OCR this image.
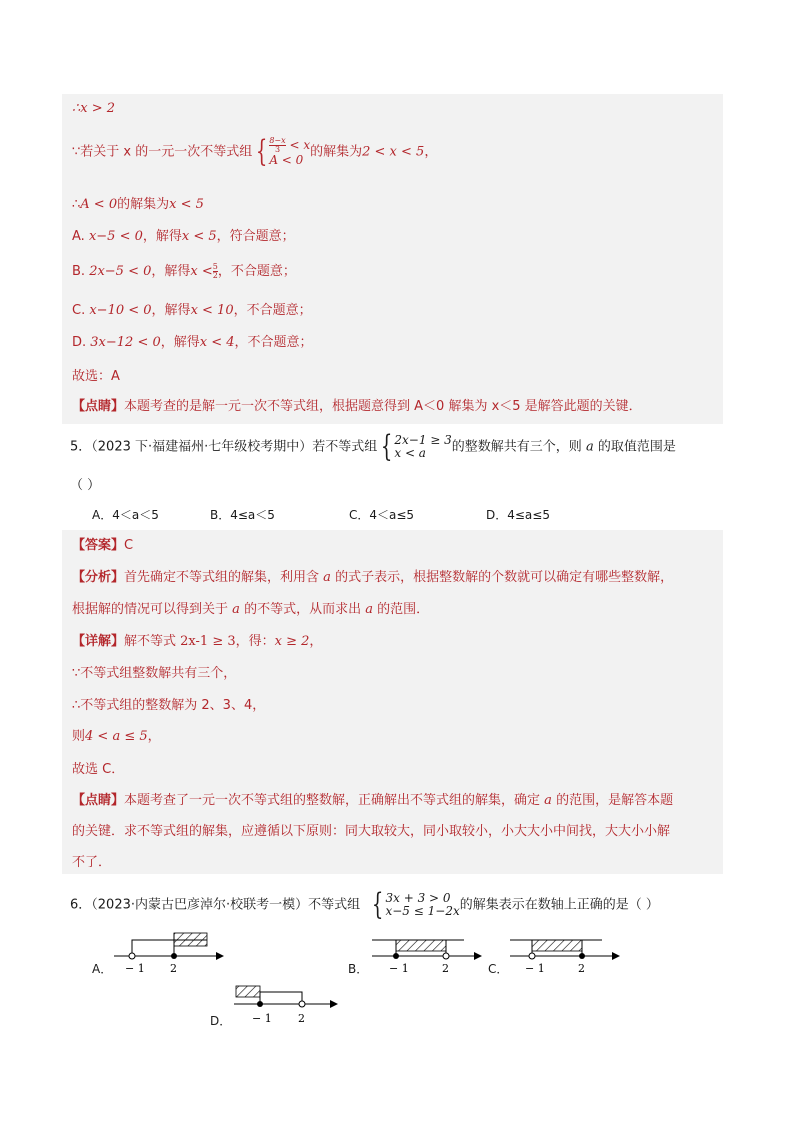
∴x > 2
∵若关于 x 的一元一次不等式组 { $\frac{8-x}{3} < x$
A < 0
的解集为2 < x < 5，
∴A < 0的解集为x < 5
A. x−5 < 0，解得x < 5，符合题意；
B. 2x−5 < 0，解得$x < \frac{5}{2}$ ，不合题意；
C. x−10 < 0，解得x < 10，不合题意；
D. 3x−12 < 0，解得x < 4，不合题意；
故选：A
【点睛】本题考查的是解一元一次不等式组，根据题意得到 A＜0 解集为 x＜5 是解答此题的关键．
5．（2023 下·福建福州·七年级校考期中）若不等式组 { 2x−1 ≥ 3
x < a	的整数解共有三个，则 a 的取值范围是
（ ）
A．4＜a＜5	B．4≤a＜5	C．4＜a≤5	D．4≤a≤5
【答案】C
【分析】首先确定不等式组的解集，利用含 a 的式子表示，根据整数解的个数就可以确定有哪些整数解，
根据解的情况可以得到关于 a 的不等式，从而求出 a 的范围．
【详解】解不等式 2x-1 ≥ 3，得：x ≥ 2，
∵不等式组整数解共有三个，
∴不等式组的整数解为 2、3、4，
则4 < a ≤ 5，
故选 C．
【点睛】本题考查了一元一次不等式组的整数解，正确解出不等式组的解集，确定 a 的范围，是解答本题
的关键．求不等式组的解集，应遵循以下原则：同大取较大，同小取较小，小大大小中间找，大大小小解
不了．
6．（2023·内蒙古巴彦淖尔·校联考一模）不等式组 { 3x + 3 > 0
x−5 ≤ 1−2x 的解集表示在数轴上正确的是（ ）
A． − 1 2	B． − 1	2	C． − 1	2
D． − 1 2
